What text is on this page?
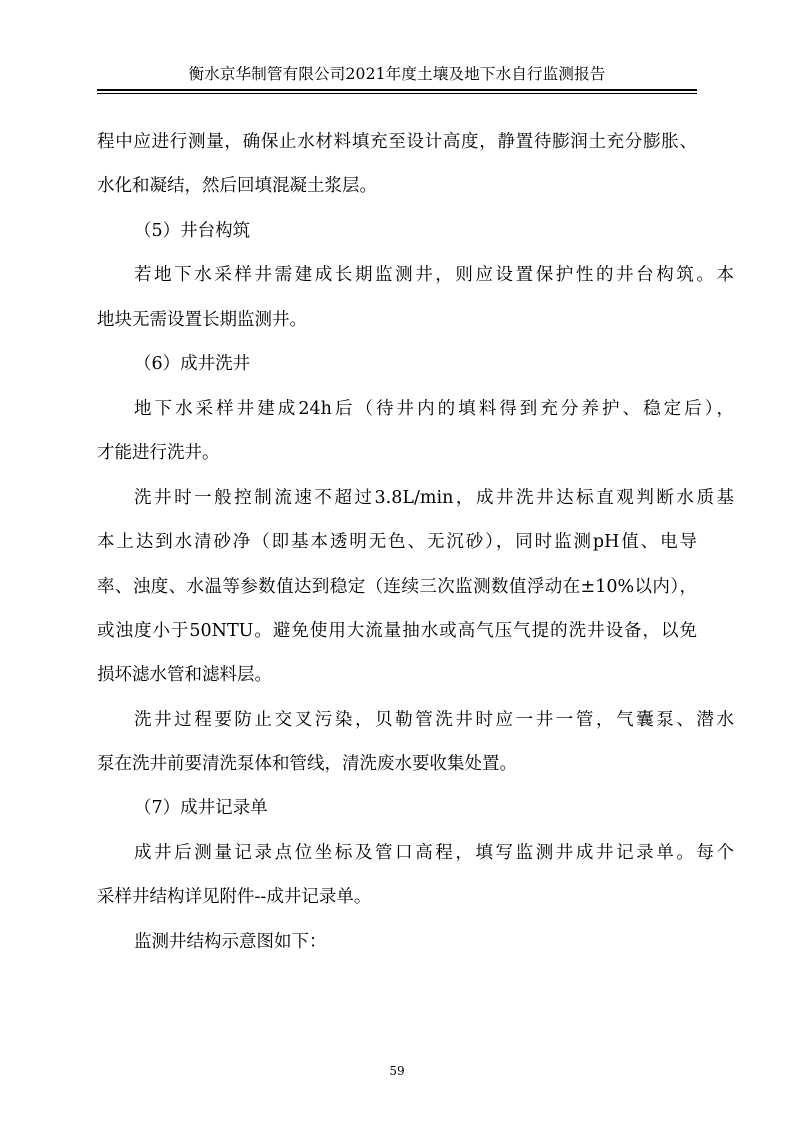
衡水京华制管有限公司2021年度土壤及地下水自行监测报告
程中应进行测量，确保止水材料填充至设计高度，静置待膨润土充分膨胀、
水化和凝结，然后回填混凝土浆层。
（5）井台构筑
若地下水采样井需建成长期监测井，则应设置保护性的井台构筑。本
地块无需设置长期监测井。
（6）成井洗井
地下水采样井建成24h后（待井内的填料得到充分养护、稳定后），
才能进行洗井。
洗井时一般控制流速不超过3.8L/min，成井洗井达标直观判断水质基
本上达到水清砂净（即基本透明无色、无沉砂），同时监测pH值、电导
率、浊度、水温等参数值达到稳定（连续三次监测数值浮动在±10%以内），
或浊度小于50NTU。避免使用大流量抽水或高气压气提的洗井设备，以免
损坏滤水管和滤料层。
洗井过程要防止交叉污染，贝勒管洗井时应一井一管，气囊泵、潜水
泵在洗井前要清洗泵体和管线，清洗废水要收集处置。
（7）成井记录单
成井后测量记录点位坐标及管口高程，填写监测井成井记录单。每个
采样井结构详见附件--成井记录单。
监测井结构示意图如下：
59
